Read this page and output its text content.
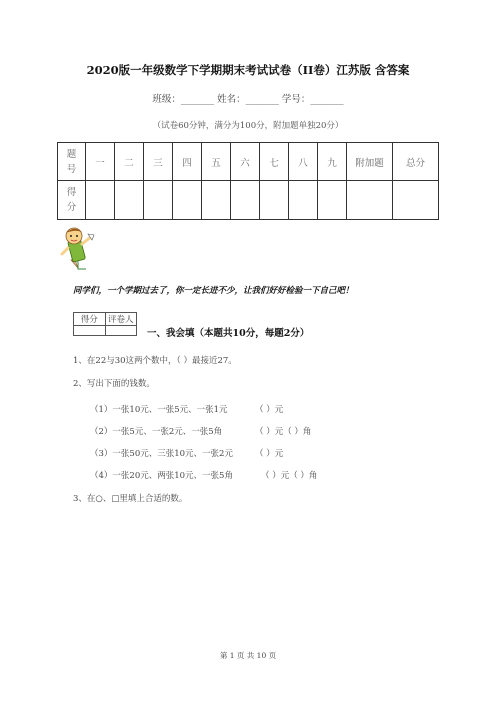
2020版一年级数学下学期期末考试试卷（II卷）江苏版 含答案
班级：_______ 姓名：_______ 学号：_______
（试卷60分钟，满分为100分，附加题单独20分）
题
号	一	二	三	四	五	六	七	八	九	附加题	总分
得
分											
同学们，一个学期过去了，你一定长进不少，让我们好好检验一下自己吧！
得分	评卷人

一、我会填（本题共10分，每题2分）
1、在22与30这两个数中，（ ）最接近27。
2、写出下面的钱数。
（1）一张10元、一张5元、一张1元	（ ）元
（2）一张5元、一张2元、一张5角	（ ）元（ ）角
（3）一张50元、三张10元、一张2元	（ ）元
（4）一张20元、两张10元、一张5角	（ ）元（ ）角
3、在○、□里填上合适的数。
第 1 页 共 10 页
